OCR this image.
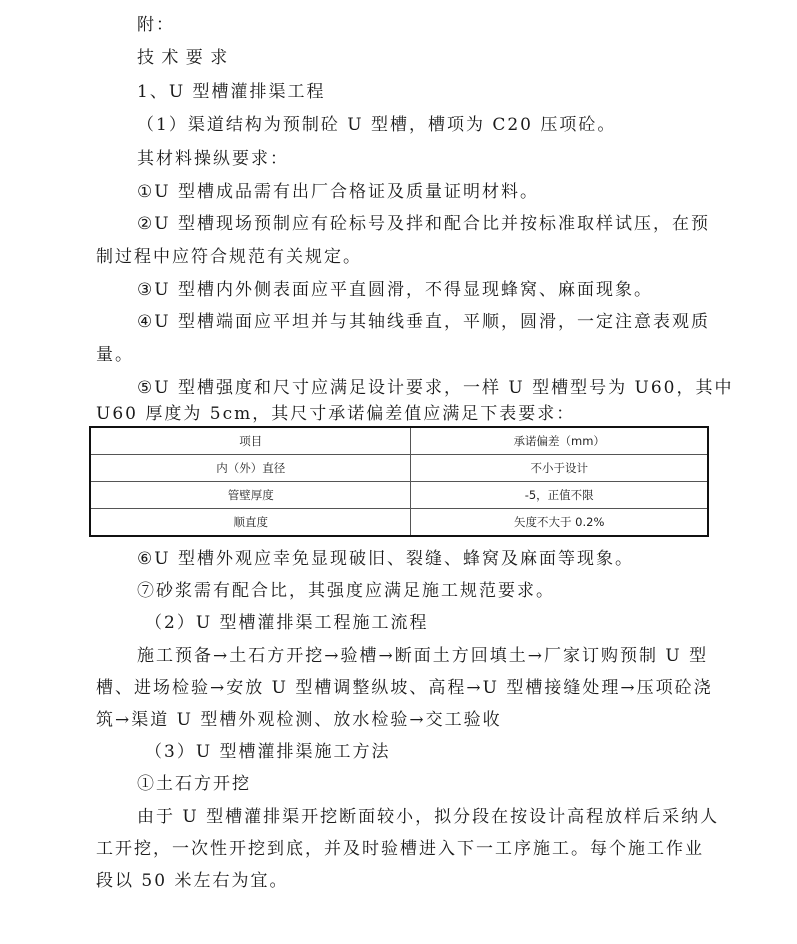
附：
技 术 要 求
1、U 型槽灌排渠工程
（1）渠道结构为预制砼 U 型槽，槽项为 C20 压项砼。
其材料操纵要求：
①U 型槽成品需有出厂合格证及质量证明材料。
②U 型槽现场预制应有砼标号及拌和配合比并按标准取样试压，在预
制过程中应符合规范有关规定。
③U 型槽内外侧表面应平直圆滑，不得显现蜂窝、麻面现象。
④U 型槽端面应平坦并与其轴线垂直，平顺，圆滑，一定注意表观质
量。
⑤U 型槽强度和尺寸应满足设计要求，一样 U 型槽型号为 U60，其中
U60 厚度为 5cm，其尺寸承诺偏差值应满足下表要求：
项目	承诺偏差（mm）
内（外）直径	不小于设计
管壁厚度	-5，正值不限
顺直度	矢度不大于 0.2%
⑥U 型槽外观应幸免显现破旧、裂缝、蜂窝及麻面等现象。
⑦砂浆需有配合比，其强度应满足施工规范要求。
（2）U 型槽灌排渠工程施工流程
施工预备→土石方开挖→验槽→断面土方回填土→厂家订购预制 U 型
槽、进场检验→安放 U 型槽调整纵坡、高程→U 型槽接缝处理→压项砼浇
筑→渠道 U 型槽外观检测、放水检验→交工验收
（3）U 型槽灌排渠施工方法
①土石方开挖
由于 U 型槽灌排渠开挖断面较小，拟分段在按设计高程放样后采纳人
工开挖，一次性开挖到底，并及时验槽进入下一工序施工。每个施工作业
段以 50 米左右为宜。
